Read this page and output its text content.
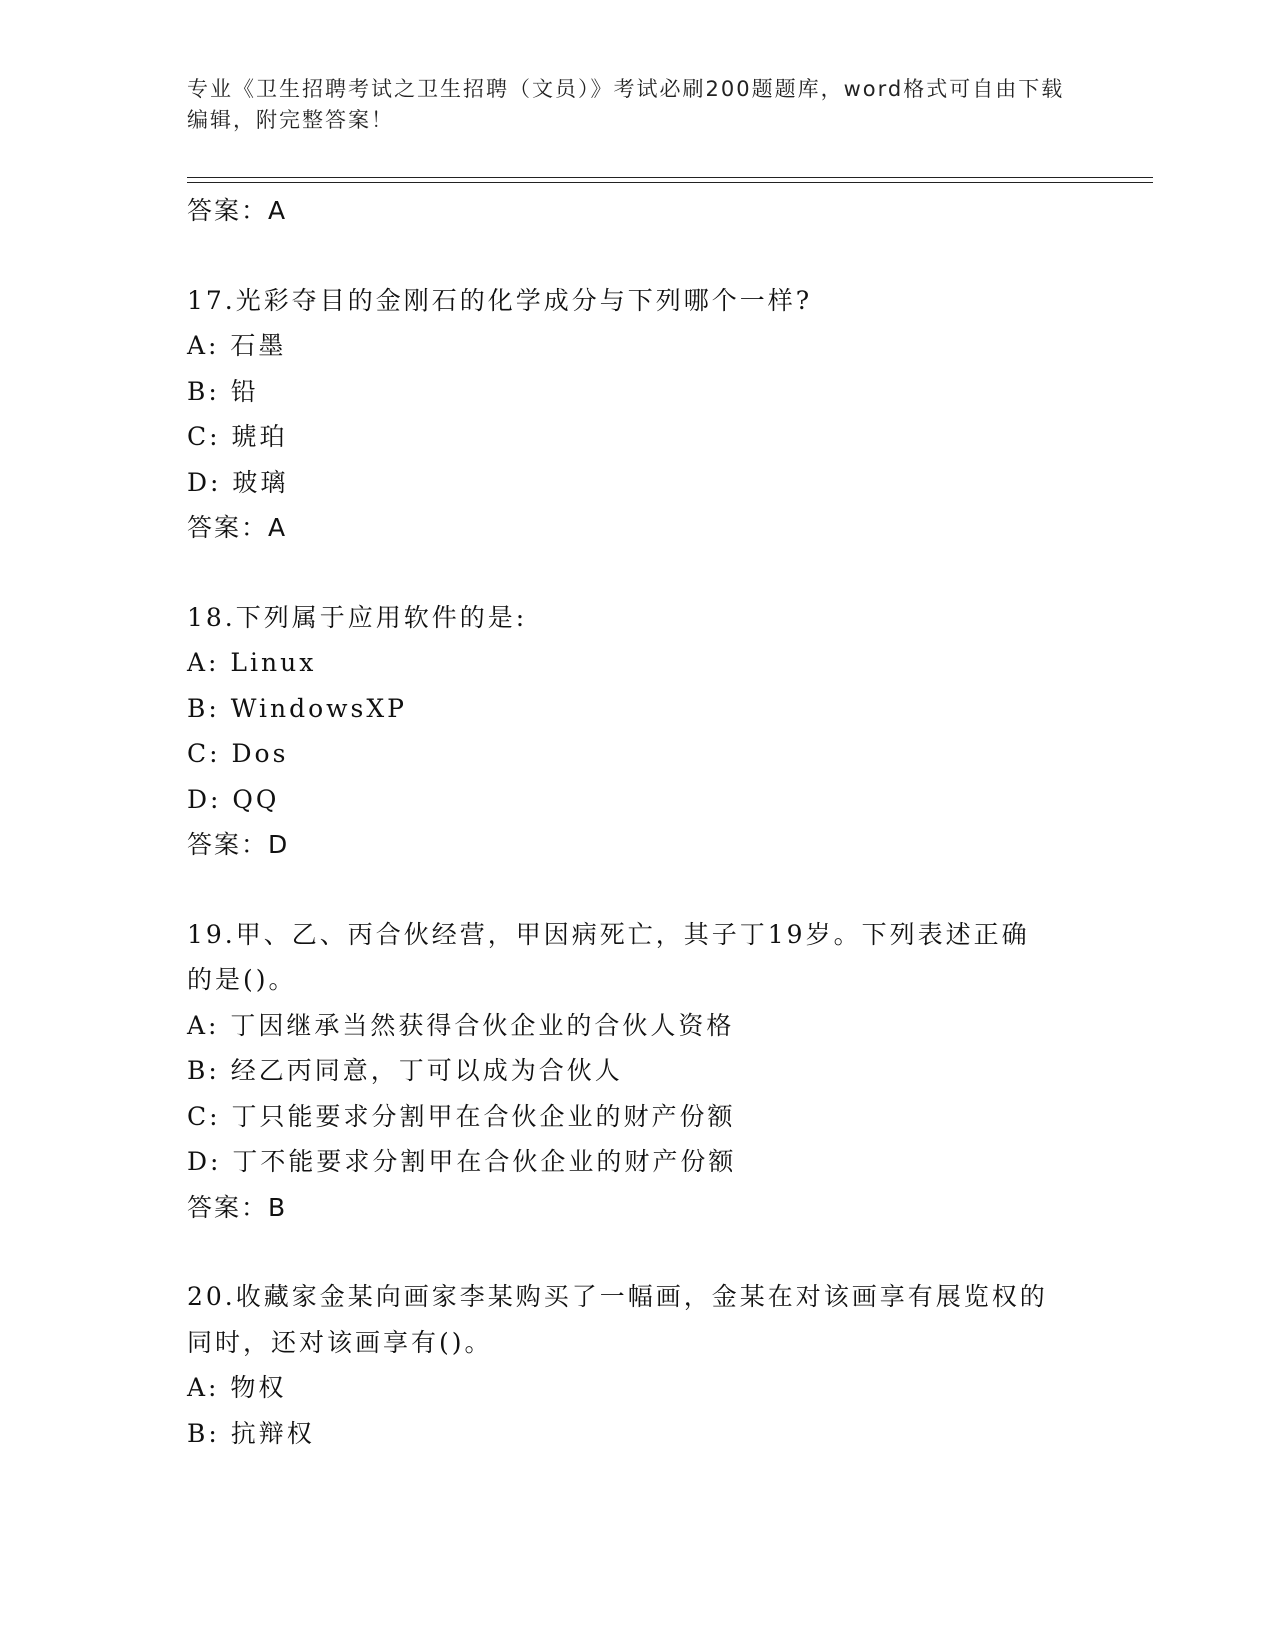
专业《卫生招聘考试之卫生招聘（文员）》考试必刷200题题库，word格式可自由下载编辑，附完整答案！
答案：A
17.光彩夺目的金刚石的化学成分与下列哪个一样?
A: 石墨
B: 铅
C: 琥珀
D: 玻璃
答案：A
18.下列属于应用软件的是:
A: Linux
B: WindowsXP
C: Dos
D: QQ
答案：D
19.甲、乙、丙合伙经营，甲因病死亡，其子丁19岁。下列表述正确
的是()。
A: 丁因继承当然获得合伙企业的合伙人资格
B: 经乙丙同意，丁可以成为合伙人
C: 丁只能要求分割甲在合伙企业的财产份额
D: 丁不能要求分割甲在合伙企业的财产份额
答案：B
20.收藏家金某向画家李某购买了一幅画，金某在对该画享有展览权的
同时，还对该画享有()。
A: 物权
B: 抗辩权
